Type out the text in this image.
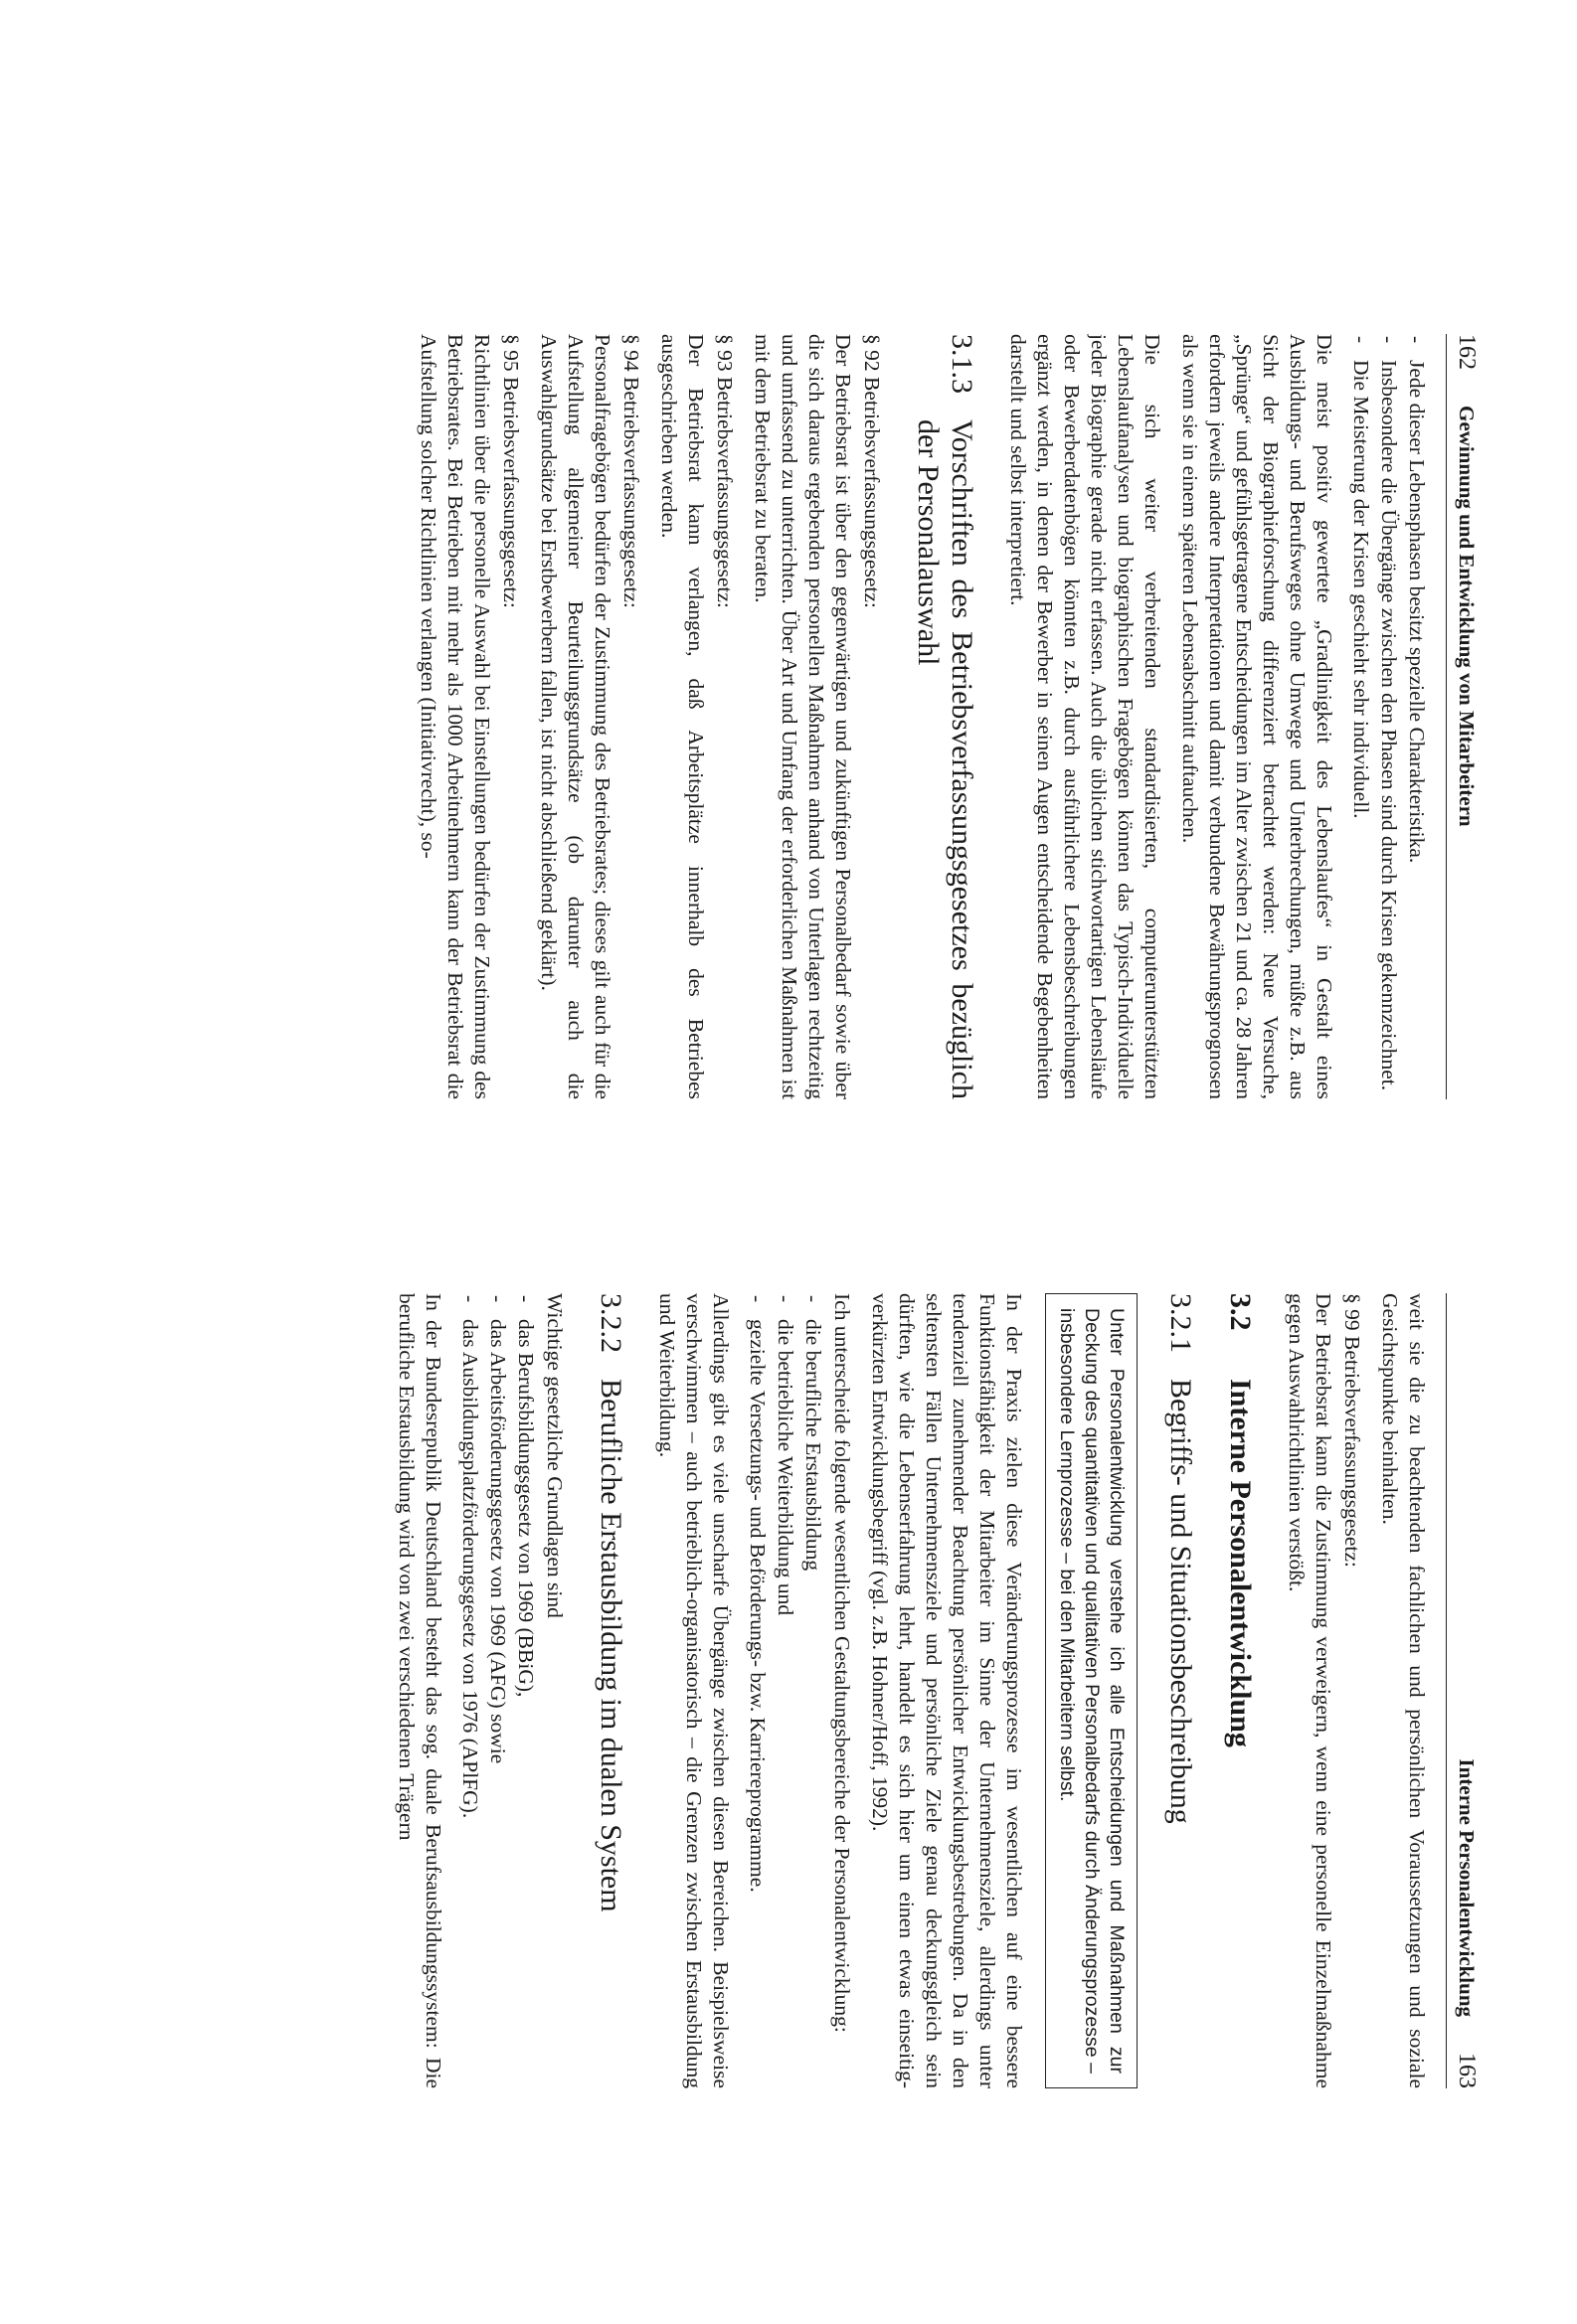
162Gewinnung und Entwicklung von Mitarbeitern
-
Jede dieser Lebensphasen besitzt spezielle Charakteristika.
-
Insbesondere die Übergänge zwischen den Phasen sind durch Krisen gekennzeichnet.
-
Die Meisterung der Krisen geschieht sehr individuell.

Die meist positiv gewertete „Gradlinigkeit des Lebenslaufes“ in Gestalt eines Ausbildungs- und Berufsweges ohne Umwege und Unterbrechungen, müßte z.B. aus Sicht der Biographieforschung differenziert betrachtet werden: Neue Versuche, „Sprünge“ und gefühlsgetragene Entscheidungen im Alter zwischen 21 und ca. 28 Jahren erfordern jeweils andere Interpretationen und damit verbundene Bewährungsprognosen als wenn sie in einem späteren Lebensabschnitt auftauchen.

Die sich weiter verbreitenden standardisierten, computerunterstützten Lebenslaufanalysen und biographischen Fragebögen können das Typisch-Individuelle jeder Biographie gerade nicht erfassen. Auch die üblichen stichwortartigen Lebensläufe oder Bewerberdatenbögen könnten z.B. durch ausführlichere Lebensbeschreibungen ergänzt werden, in denen der Bewerber in seinen Augen entscheidende Begebenheiten darstellt und selbst interpretiert.

3.1.3
Vorschriften des Betriebsverfassungsgesetzes bezüglich der Personalauswahl

§ 92 Betriebsverfassungsgesetz:

Der Betriebsrat ist über den gegenwärtigen und zukünftigen Personalbedarf sowie über die sich daraus ergebenden personellen Maßnahmen anhand von Unterlagen rechtzeitig und umfassend zu unterrichten. Über Art und Umfang der erforderlichen Maßnahmen ist mit dem Betriebsrat zu beraten.

§ 93 Betriebsverfassungsgesetz:

Der Betriebsrat kann verlangen, daß Arbeitsplätze innerhalb des Betriebes ausgeschrieben werden.

§ 94 Betriebsverfassungsgesetz:

Personalfragebögen bedürfen der Zustimmung des Betriebsrates; dieses gilt auch für die Aufstellung allgemeiner Beurteilungsgrundsätze (ob darunter auch die Auswahlgrundsätze bei Erstbewerbern fallen, ist nicht abschließend geklärt).

§ 95 Betriebsverfassungsgesetz:

Richtlinien über die personelle Auswahl bei Einstellungen bedürfen der Zustimmung des Betriebsrates. Bei Betrieben mit mehr als 1000 Arbeitnehmern kann der Betriebsrat die Aufstellung solcher Richtlinien verlangen (Initiativrecht), so-

Interne Personalentwicklung163

weit sie die zu beachtenden fachlichen und persönlichen Voraussetzungen und soziale Gesichtspunkte beinhalten.

§ 99 Betriebsverfassungsgesetz:

Der Betriebsrat kann die Zustimmung verweigern, wenn eine personelle Einzelmaßnahme gegen Auswahlrichtlinien verstößt.

3.2
Interne Personalentwicklung
3.2.1
Begriffs- und Situationsbeschreibung
Unter Personalentwicklung verstehe ich alle Entscheidungen und Maßnahmen zur Deckung des quantitativen und qualitativen Personalbedarfs durch Änderungsprozesse – insbesondere Lernprozesse – bei den Mitarbeitern selbst.

In der Praxis zielen diese Veränderungsprozesse im wesentlichen auf eine bessere Funktionsfähigkeit der Mitarbeiter im Sinne der Unternehmensziele, allerdings unter tendenziell zunehmender Beachtung persönlicher Entwicklungsbestrebungen. Da in den seltensten Fällen Unternehmensziele und persönliche Ziele genau deckungsgleich sein dürften, wie die Lebenserfahrung lehrt, handelt es sich hier um einen etwas einseitig-verkürzten Entwicklungsbegriff (vgl. z.B. Hohner/Hoff, 1992).

Ich unterscheide folgende wesentlichen Gestaltungsbereiche der Personalentwicklung:

-
die berufliche Erstausbildung
-
die betriebliche Weiterbildung und
-
gezielte Versetzungs- und Beförderungs- bzw. Karriereprogramme.

Allerdings gibt es viele unscharfe Übergänge zwischen diesen Bereichen. Beispielsweise verschwimmen – auch betrieblich-organisatorisch – die Grenzen zwischen Erstausbildung und Weiterbildung.

3.2.2
Berufliche Erstausbildung im dualen System

Wichtige gesetzliche Grundlagen sind

-
das Berufsbildungsgesetz von 1969 (BBiG),
-
das Arbeitsförderungsgesetz von 1969 (AFG) sowie
-
das Ausbildungsplatzförderungsgesetz von 1976 (APlFG).

In der Bundesrepublik Deutschland besteht das sog. duale Berufsausbildungssystem: Die berufliche Erstausbildung wird von zwei verschiedenen Trägern
